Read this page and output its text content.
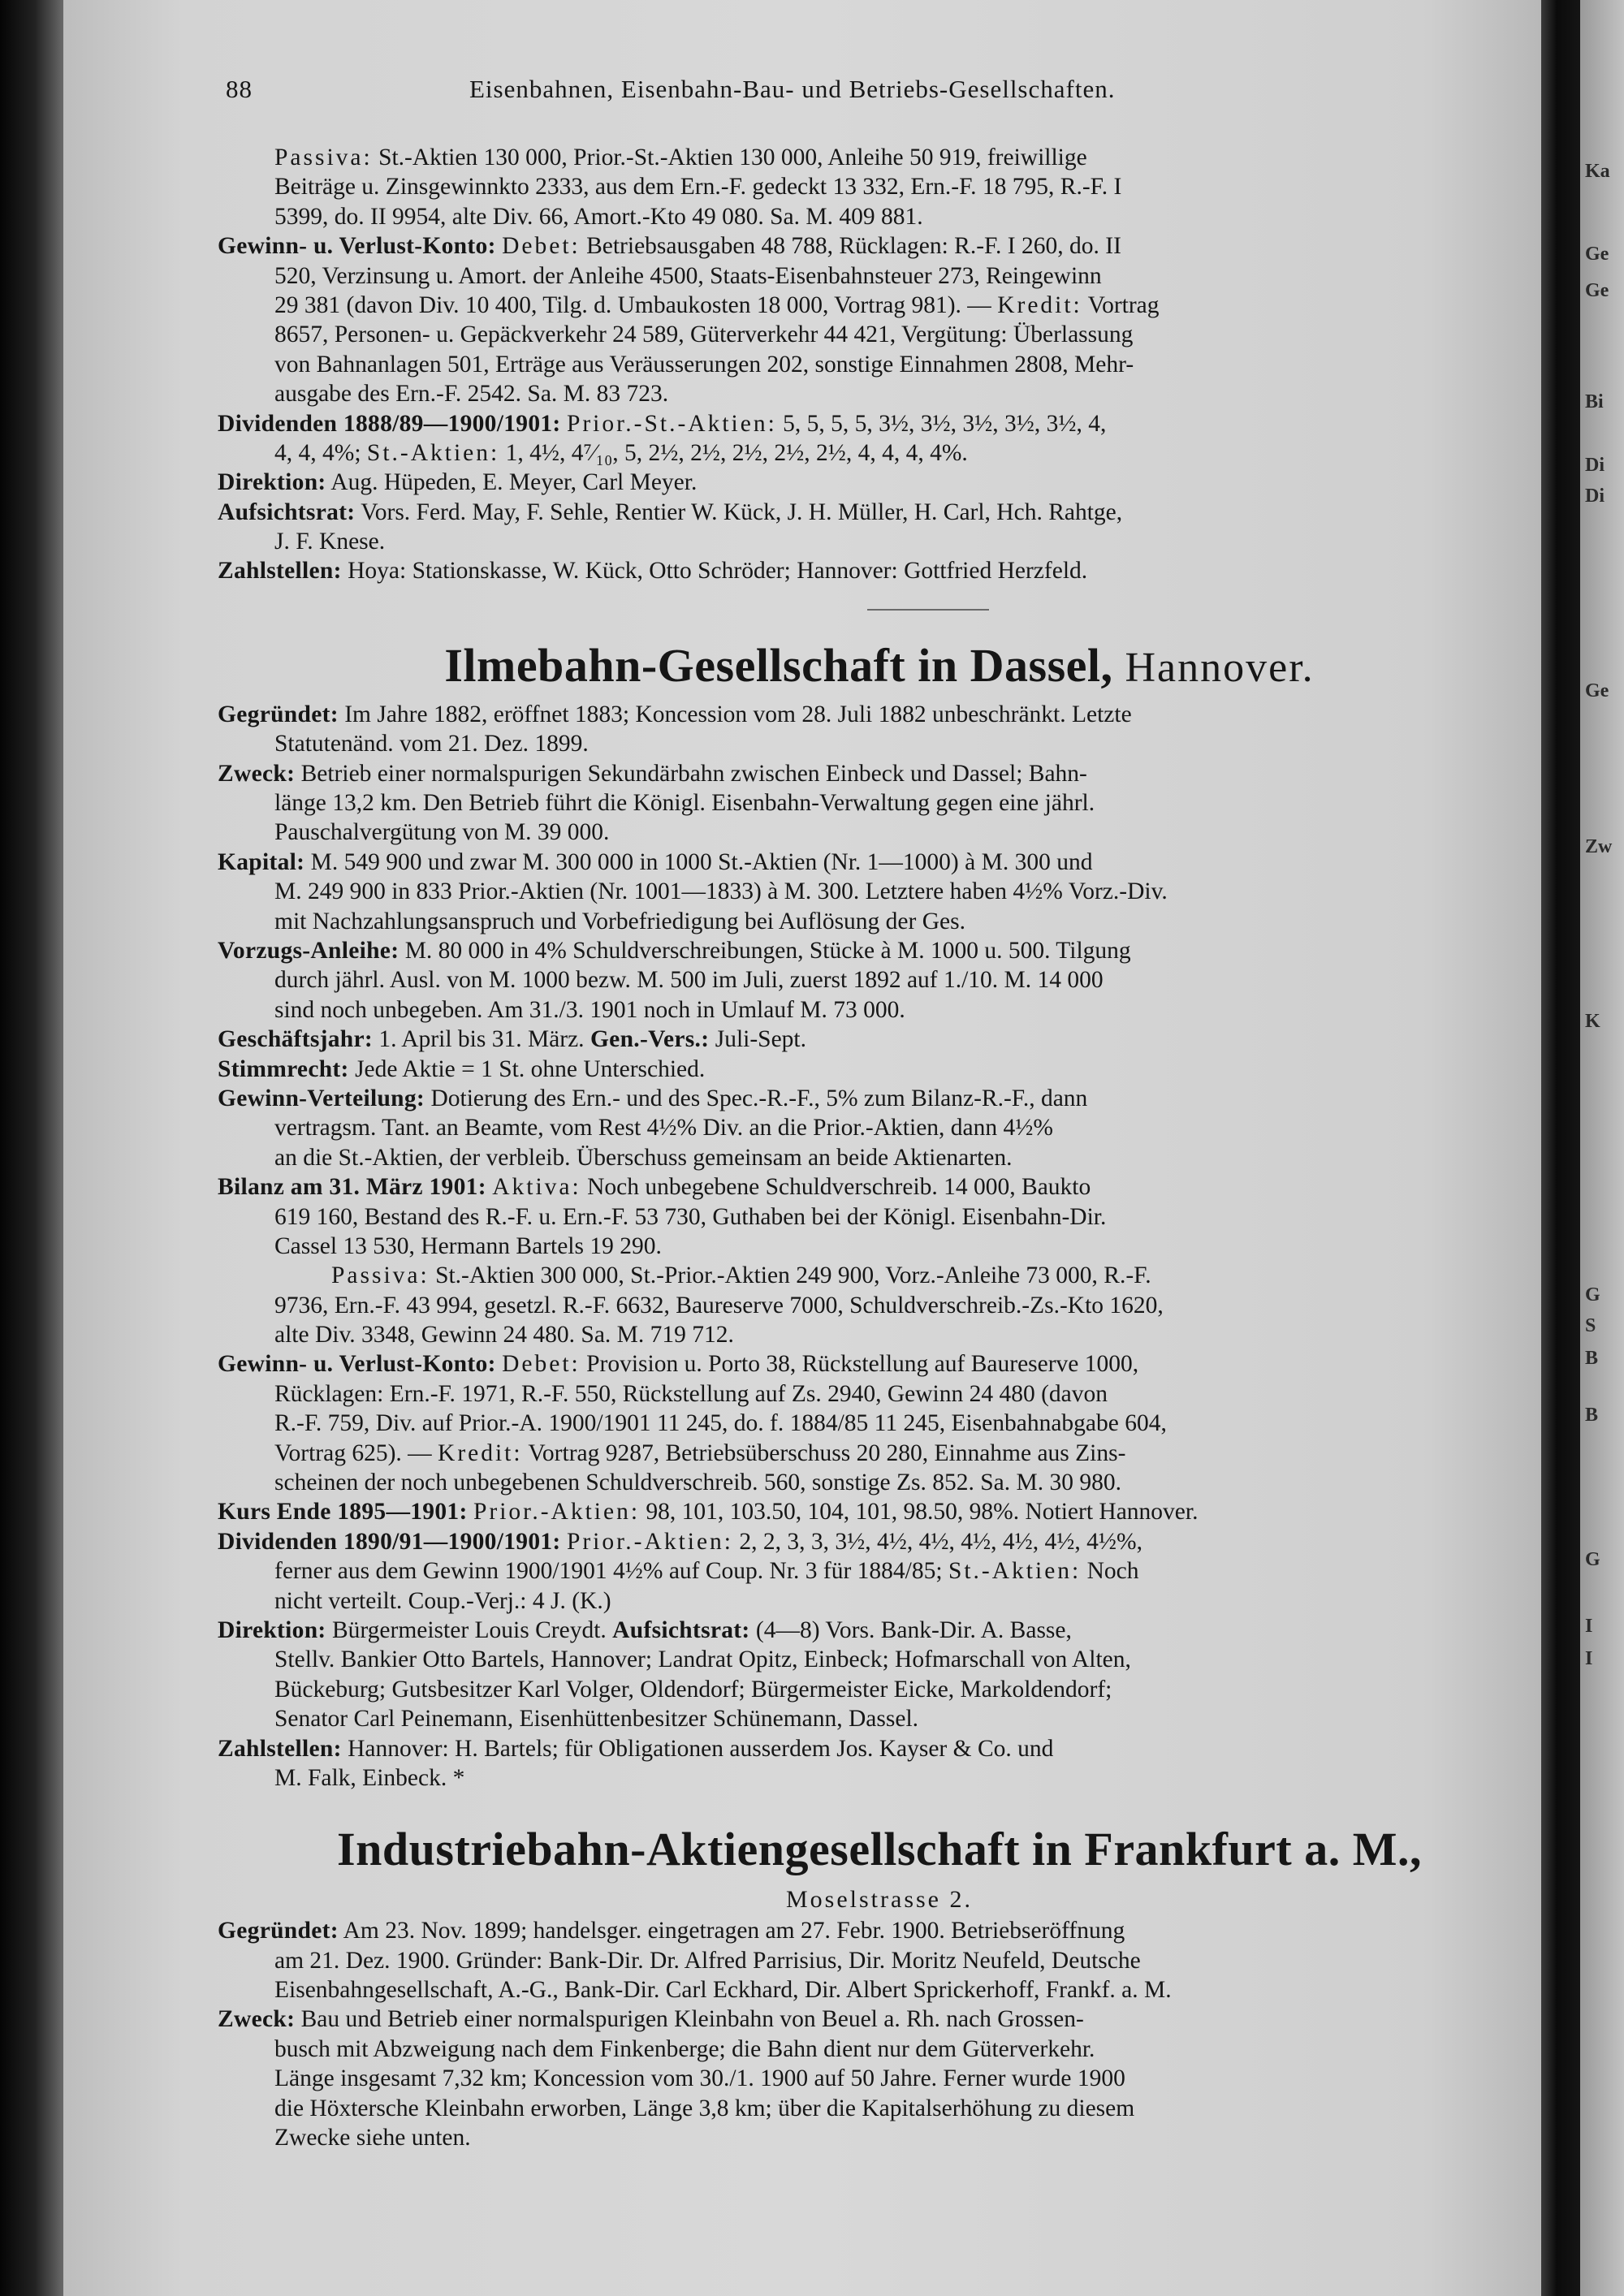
88	Eisenbahnen, Eisenbahn-Bau- und Betriebs-Gesellschaften.
Passiva: St.-Aktien 130 000, Prior.-St.-Aktien 130 000, Anleihe 50 919, freiwillige
Beiträge u. Zinsgewinnkto 2333, aus dem Ern.-F. gedeckt 13 332, Ern.-F. 18 795, R.-F. I
5399, do. II 9954, alte Div. 66, Amort.-Kto 49 080. Sa. M. 409 881.
Gewinn- u. Verlust-Konto: Debet: Betriebsausgaben 48 788, Rücklagen: R.-F. I 260, do. II
520, Verzinsung u. Amort. der Anleihe 4500, Staats-Eisenbahnsteuer 273, Reingewinn
29 381 (davon Div. 10 400, Tilg. d. Umbaukosten 18 000, Vortrag 981). — Kredit: Vortrag
8657, Personen- u. Gepäckverkehr 24 589, Güterverkehr 44 421, Vergütung: Überlassung
von Bahnanlagen 501, Erträge aus Veräusserungen 202, sonstige Einnahmen 2808, Mehr-
ausgabe des Ern.-F. 2542. Sa. M. 83 723.
Dividenden 1888/89—1900/1901: Prior.-St.-Aktien: 5, 5, 5, 5, 3½, 3½, 3½, 3½, 3½, 4,
4, 4, 4%; St.-Aktien: 1, 4½, 4⁷⁄₁₀, 5, 2½, 2½, 2½, 2½, 2½, 4, 4, 4, 4%.
Direktion: Aug. Hüpeden, E. Meyer, Carl Meyer.
Aufsichtsrat: Vors. Ferd. May, F. Sehle, Rentier W. Kück, J. H. Müller, H. Carl, Hch. Rahtge,
J. F. Knese.
Zahlstellen: Hoya: Stationskasse, W. Kück, Otto Schröder; Hannover: Gottfried Herzfeld.
Ilmebahn-Gesellschaft in Dassel, Hannover.
Gegründet: Im Jahre 1882, eröffnet 1883; Koncession vom 28. Juli 1882 unbeschränkt. Letzte
Statutenänd. vom 21. Dez. 1899.
Zweck: Betrieb einer normalspurigen Sekundärbahn zwischen Einbeck und Dassel; Bahn-
länge 13,2 km. Den Betrieb führt die Königl. Eisenbahn-Verwaltung gegen eine jährl.
Pauschalvergütung von M. 39 000.
Kapital: M. 549 900 und zwar M. 300 000 in 1000 St.-Aktien (Nr. 1—1000) à M. 300 und
M. 249 900 in 833 Prior.-Aktien (Nr. 1001—1833) à M. 300. Letztere haben 4½% Vorz.-Div.
mit Nachzahlungsanspruch und Vorbefriedigung bei Auflösung der Ges.
Vorzugs-Anleihe: M. 80 000 in 4% Schuldverschreibungen, Stücke à M. 1000 u. 500. Tilgung
durch jährl. Ausl. von M. 1000 bezw. M. 500 im Juli, zuerst 1892 auf 1./10. M. 14 000
sind noch unbegeben. Am 31./3. 1901 noch in Umlauf M. 73 000.
Geschäftsjahr: 1. April bis 31. März. Gen.-Vers.: Juli-Sept.
Stimmrecht: Jede Aktie = 1 St. ohne Unterschied.
Gewinn-Verteilung: Dotierung des Ern.- und des Spec.-R.-F., 5% zum Bilanz-R.-F., dann
vertragsm. Tant. an Beamte, vom Rest 4½% Div. an die Prior.-Aktien, dann 4½%
an die St.-Aktien, der verbleib. Überschuss gemeinsam an beide Aktienarten.
Bilanz am 31. März 1901: Aktiva: Noch unbegebene Schuldverschreib. 14 000, Baukto
619 160, Bestand des R.-F. u. Ern.-F. 53 730, Guthaben bei der Königl. Eisenbahn-Dir.
Cassel 13 530, Hermann Bartels 19 290.
Passiva: St.-Aktien 300 000, St.-Prior.-Aktien 249 900, Vorz.-Anleihe 73 000, R.-F.
9736, Ern.-F. 43 994, gesetzl. R.-F. 6632, Baureserve 7000, Schuldverschreib.-Zs.-Kto 1620,
alte Div. 3348, Gewinn 24 480. Sa. M. 719 712.
Gewinn- u. Verlust-Konto: Debet: Provision u. Porto 38, Rückstellung auf Baureserve 1000,
Rücklagen: Ern.-F. 1971, R.-F. 550, Rückstellung auf Zs. 2940, Gewinn 24 480 (davon
R.-F. 759, Div. auf Prior.-A. 1900/1901 11 245, do. f. 1884/85 11 245, Eisenbahnabgabe 604,
Vortrag 625). — Kredit: Vortrag 9287, Betriebsüberschuss 20 280, Einnahme aus Zins-
scheinen der noch unbegebenen Schuldverschreib. 560, sonstige Zs. 852. Sa. M. 30 980.
Kurs Ende 1895—1901: Prior.-Aktien: 98, 101, 103.50, 104, 101, 98.50, 98%. Notiert Hannover.
Dividenden 1890/91—1900/1901: Prior.-Aktien: 2, 2, 3, 3, 3½, 4½, 4½, 4½, 4½, 4½, 4½%,
ferner aus dem Gewinn 1900/1901 4½% auf Coup. Nr. 3 für 1884/85; St.-Aktien: Noch
nicht verteilt. Coup.-Verj.: 4 J. (K.)
Direktion: Bürgermeister Louis Creydt. Aufsichtsrat: (4—8) Vors. Bank-Dir. A. Basse,
Stellv. Bankier Otto Bartels, Hannover; Landrat Opitz, Einbeck; Hofmarschall von Alten,
Bückeburg; Gutsbesitzer Karl Volger, Oldendorf; Bürgermeister Eicke, Markoldendorf;
Senator Carl Peinemann, Eisenhüttenbesitzer Schünemann, Dassel.
Zahlstellen: Hannover: H. Bartels; für Obligationen ausserdem Jos. Kayser & Co. und
M. Falk, Einbeck. *
Industriebahn-Aktiengesellschaft in Frankfurt a. M.,
Moselstrasse 2.
Gegründet: Am 23. Nov. 1899; handelsger. eingetragen am 27. Febr. 1900. Betriebseröffnung
am 21. Dez. 1900. Gründer: Bank-Dir. Dr. Alfred Parrisius, Dir. Moritz Neufeld, Deutsche
Eisenbahngesellschaft, A.-G., Bank-Dir. Carl Eckhard, Dir. Albert Sprickerhoff, Frankf. a. M.
Zweck: Bau und Betrieb einer normalspurigen Kleinbahn von Beuel a. Rh. nach Grossen-
busch mit Abzweigung nach dem Finkenberge; die Bahn dient nur dem Güterverkehr.
Länge insgesamt 7,32 km; Koncession vom 30./1. 1900 auf 50 Jahre. Ferner wurde 1900
die Höxtersche Kleinbahn erworben, Länge 3,8 km; über die Kapitalserhöhung zu diesem
Zwecke siehe unten.
Ka
Ge
Ge
Bi
Di
Di
Ge
Zw
K
G
S
B
B
G
I
I
